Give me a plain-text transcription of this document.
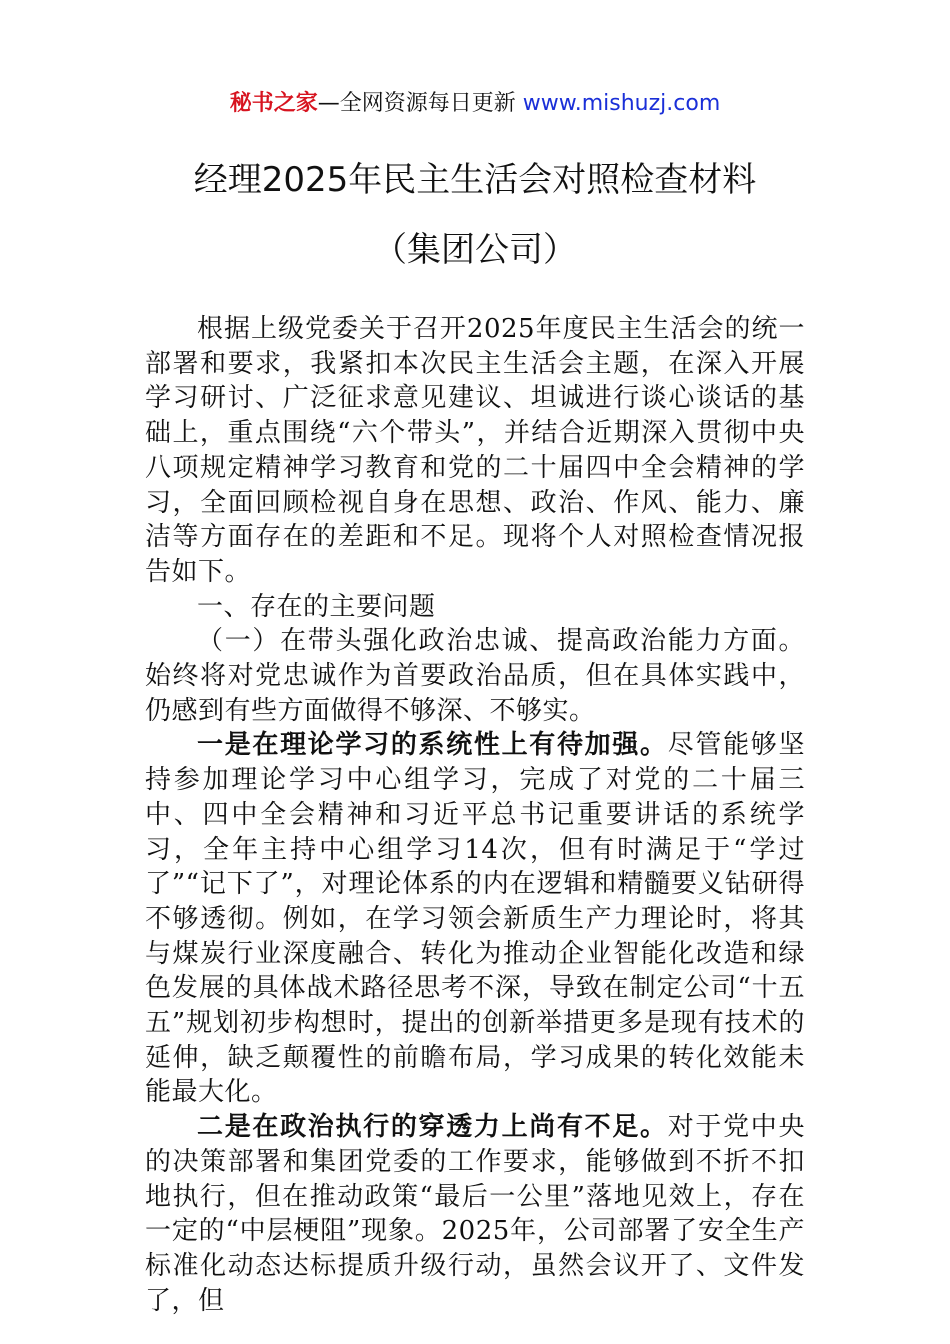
秘书之家—全网资源每日更新 www.mishuzj.com
经理2025年民主生活会对照检查材料
（集团公司）

根据上级党委关于召开2025年度民主生活会的统一部署和要求，我紧扣本次民主生活会主题，在深入开展学习研讨、广泛征求意见建议、坦诚进行谈心谈话的基础上，重点围绕“六个带头”，并结合近期深入贯彻中央八项规定精神学习教育和党的二十届四中全会精神的学习，全面回顾检视自身在思想、政治、作风、能力、廉洁等方面存在的差距和不足。现将个人对照检查情况报告如下。

一、存在的主要问题

（一）在带头强化政治忠诚、提高政治能力方面。始终将对党忠诚作为首要政治品质，但在具体实践中，仍感到有些方面做得不够深、不够实。

一是在理论学习的系统性上有待加强。尽管能够坚持参加理论学习中心组学习，完成了对党的二十届三中、四中全会精神和习近平总书记重要讲话的系统学习，全年主持中心组学习14次，但有时满足于“学过了”“记下了”，对理论体系的内在逻辑和精髓要义钻研得不够透彻。例如，在学习领会新质生产力理论时，将其与煤炭行业深度融合、转化为推动企业智能化改造和绿色发展的具体战术路径思考不深，导致在制定公司“十五五”规划初步构想时，提出的创新举措更多是现有技术的延伸，缺乏颠覆性的前瞻布局，学习成果的转化效能未能最大化。

二是在政治执行的穿透力上尚有不足。对于党中央的决策部署和集团党委的工作要求，能够做到不折不扣地执行，但在推动政策“最后一公里”落地见效上，存在一定的“中层梗阻”现象。2025年，公司部署了安全生产标准化动态达标提质升级行动，虽然会议开了、文件发了，但
